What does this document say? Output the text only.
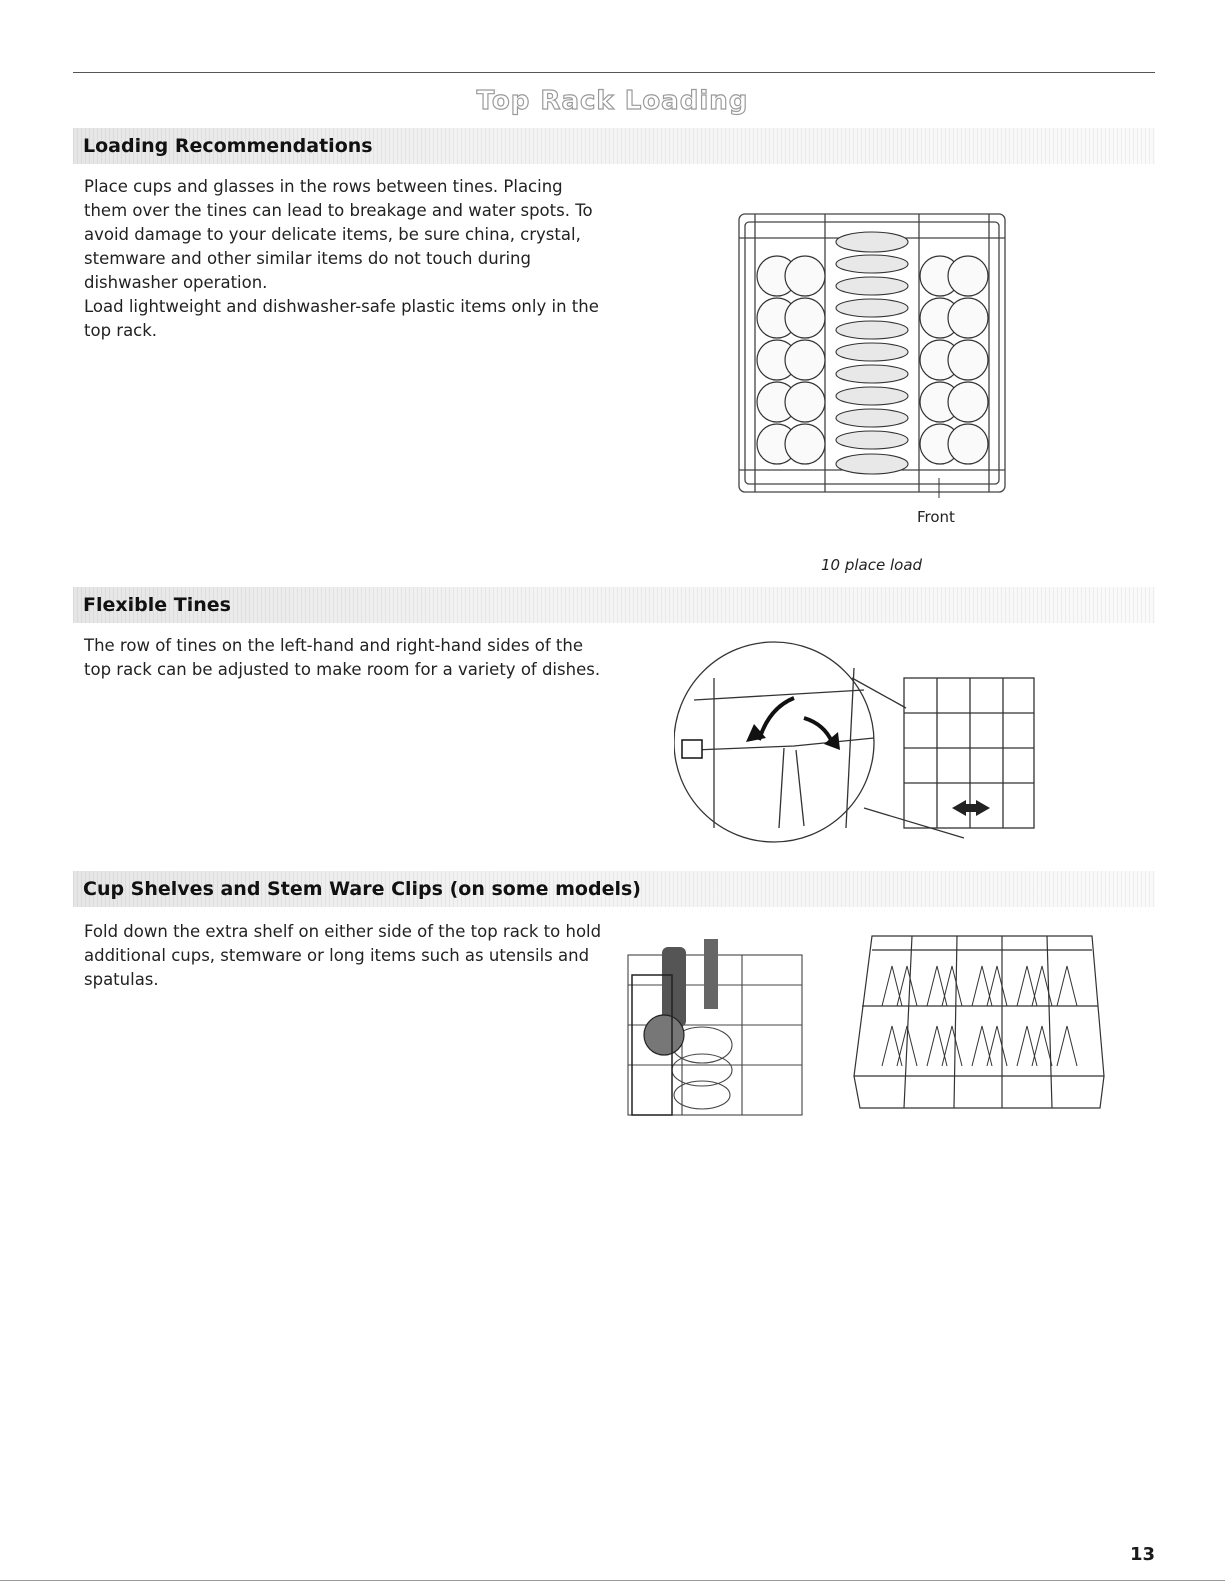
Top Rack Loading
Loading Recommendations

Place cups and glasses in the rows between tines. Placing them over the tines can lead to breakage and water spots. To avoid damage to your delicate items, be sure china, crystal, stemware and other similar items do not touch during dishwasher operation.

Load lightweight and dishwasher-safe plastic items only in the top rack.

Front
10 place load
Flexible Tines

The row of tines on the left-hand and right-hand sides of the top rack can be adjusted to make room for a variety of dishes.

Cup Shelves and Stem Ware Clips (on some models)

Fold down the extra shelf on either side of the top rack to hold additional cups, stemware or long items such as utensils and spatulas.

13
